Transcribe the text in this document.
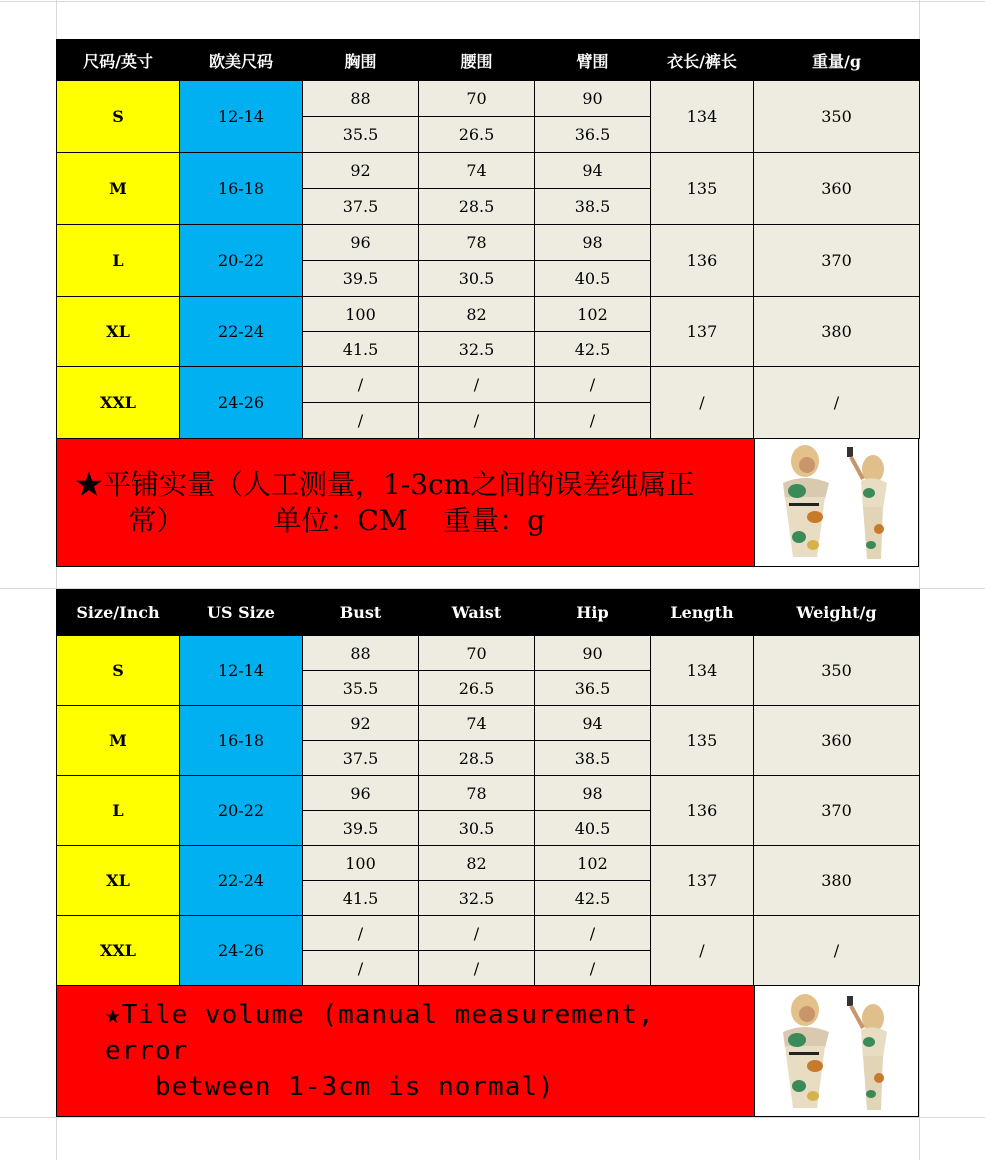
尺码/英寸	欧美尺码	胸围	腰围	臂围	衣长/裤长	重量/g
S	12-14	88	70	90	134	350
		35.5	26.5	36.5		
M	16-18	92	74	94	135	360
		37.5	28.5	38.5		
L	20-22	96	78	98	136	370
		39.5	30.5	40.5		
XL	22-24	100	82	102	137	380
		41.5	32.5	42.5		
XXL	24-26	/	/	/	/	/
		/	/	/		
★平铺实量（人工测量，1-3cm之间的误差纯属正
常）          单位：CM    重量：g
Size/Inch	US Size	Bust	Waist	Hip	Length	Weight/g
S	12-14	88	70	90	134	350
		35.5	26.5	36.5		
M	16-18	92	74	94	135	360
		37.5	28.5	38.5		
L	20-22	96	78	98	136	370
		39.5	30.5	40.5		
XL	22-24	100	82	102	137	380
		41.5	32.5	42.5		
XXL	24-26	/	/	/	/	/
		/	/	/		
★Tile volume (manual measurement, error
between 1-3cm is normal)
